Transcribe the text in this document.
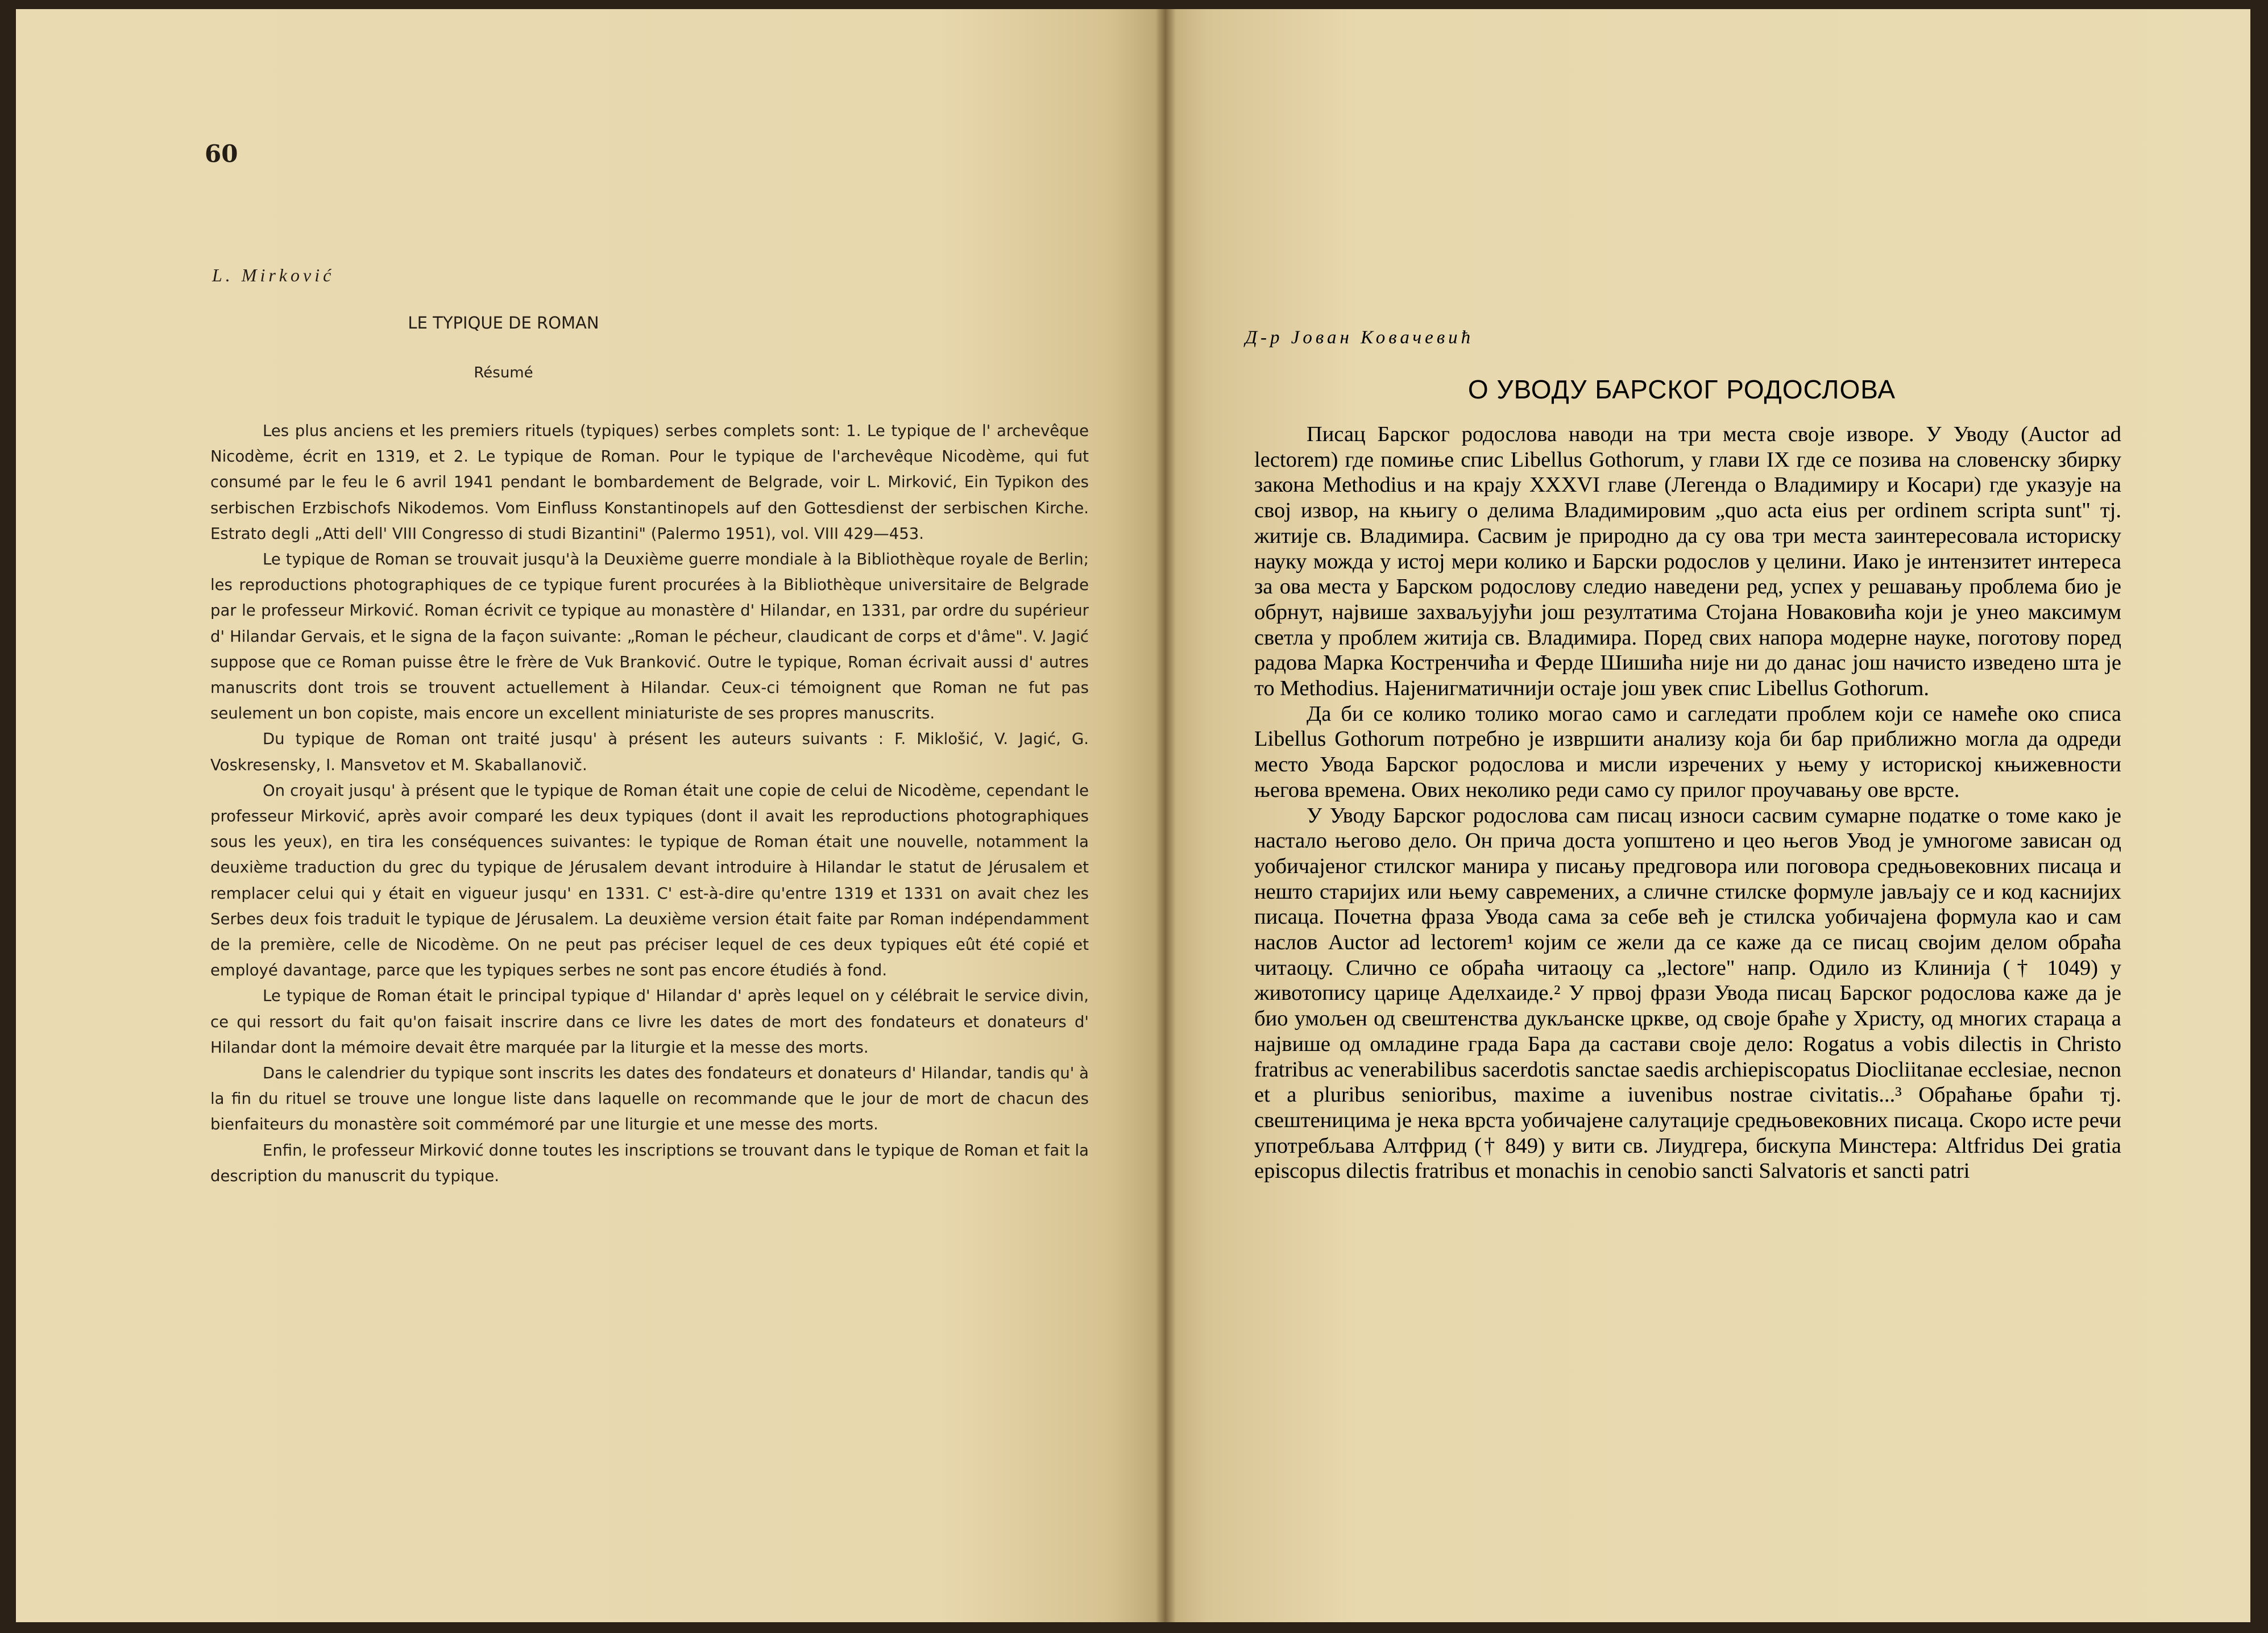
60
L. Mirković
LE TYPIQUE DE ROMAN
Résumé

Les plus anciens et les premiers rituels (typiques) serbes complets sont: 1. Le typique de l' archevêque Nicodème, écrit en 1319, et 2. Le typique de Roman. Pour le typique de l'archevêque Nicodème, qui fut consumé par le feu le 6 avril 1941 pendant le bombardement de Belgrade, voir L. Mirković, Ein Typikon des serbischen Erzbischofs Nikodemos. Vom Einfluss Konstantinopels auf den Gottesdienst der serbischen Kirche. Estrato degli „Atti dell' VIII Congresso di studi Bizantini" (Palermo 1951), vol. VIII 429—453.

Le typique de Roman se trouvait jusqu'à la Deuxième guerre mondiale à la Bibliothèque royale de Berlin; les reproductions photographiques de ce typique furent procurées à la Bibliothèque universitaire de Belgrade par le professeur Mirković. Roman écrivit ce typique au monastère d' Hilandar, en 1331, par ordre du supérieur d' Hilandar Gervais, et le signa de la façon suivante: „Roman le pécheur, claudicant de corps et d'âme". V. Jagić suppose que ce Roman puisse être le frère de Vuk Branković. Outre le typique, Roman écrivait aussi d' autres manuscrits dont trois se trouvent actuellement à Hilandar. Ceux-ci témoignent que Roman ne fut pas seulement un bon copiste, mais encore un excellent miniaturiste de ses propres manuscrits.

Du typique de Roman ont traité jusqu' à présent les auteurs suivants : F. Miklošić, V. Jagić, G. Voskresensky, I. Mansvetov et M. Skaballanovič.

On croyait jusqu' à présent que le typique de Roman était une copie de celui de Nicodème, cependant le professeur Mirković, après avoir comparé les deux typiques (dont il avait les reproductions photographiques sous les yeux), en tira les conséquences suivantes: le typique de Roman était une nouvelle, notamment la deuxième traduction du grec du typique de Jérusalem devant introduire à Hilandar le statut de Jérusalem et remplacer celui qui y était en vigueur jusqu' en 1331. C' est-à-dire qu'entre 1319 et 1331 on avait chez les Serbes deux fois traduit le typique de Jérusalem. La deuxième version était faite par Roman indépendamment de la première, celle de Nicodème. On ne peut pas préciser lequel de ces deux typiques eût été copié et employé davantage, parce que les typiques serbes ne sont pas encore étudiés à fond.

Le typique de Roman était le principal typique d' Hilandar d' après lequel on y célébrait le service divin, ce qui ressort du fait qu'on faisait inscrire dans ce livre les dates de mort des fondateurs et donateurs d' Hilandar dont la mémoire devait être marquée par la liturgie et la messe des morts.

Dans le calendrier du typique sont inscrits les dates des fondateurs et donateurs d' Hilandar, tandis qu' à la fin du rituel se trouve une longue liste dans laquelle on recommande que le jour de mort de chacun des bienfaiteurs du monastère soit commémoré par une liturgie et une messe des morts.

Enfin, le professeur Mirković donne toutes les inscriptions se trouvant dans le typique de Roman et fait la description du manuscrit du typique.

Д-р Јован Ковачевић
О УВОДУ БАРСКОГ РОДОСЛОВА

Писац Барског родослова наводи на три места своје изворе. У Уводу (Auctor ad lectorem) где помиње спис Libellus Gothorum, у глави IX где се позива на словенску збирку закона Methodius и на крају XXXVI главе (Легенда о Владимиру и Косари) где указује на свој извор, на књигу о делима Владимировим „quo acta eius per ordinem scripta sunt" тј. житије св. Владимира. Сасвим је природно да су ова три места заинтересовала историску науку можда у истој мери колико и Барски родослов у целини. Иако је интензитет интереса за ова места у Барском родослову следио наведени ред, успех у решавању проблема био је обрнут, највише захваљујући још резултатима Стојана Новаковића који је унео максимум светла у проблем житија св. Владимира. Поред свих напора модерне науке, поготову поред радова Марка Костренчића и Ферде Шишића није ни до данас још начисто изведено шта је то Methodius. Најенигматичнији остаје још увек спис Libellus Gothorum.

Да би се колико толико могао само и сагледати проблем који се намеће око списа Libellus Gothorum потребно је извршити анализу која би бар приближно могла да одреди место Увода Барског родослова и мисли изречених у њему у историској књижевности његова времена. Овиx неколико реди само су прилог проучавању ове врсте.

У Уводу Барског родослова сам писац износи сасвим сумарне податке о томе како је настало његово дело. Он прича доста уопштено и цео његов Увод је умногоме зависан од уобичајеног стилског манира у писању предговора или поговора средњовековних писаца и нешто старијих или њему савремених, а сличне стилске формуле јављају се и код каснијих писаца. Почетна фраза Увода сама за себе већ је стилска уобичајена формула као и сам наслов Auctor ad lectorem¹ којим се жели да се каже да се писац својим делом обраћа читаоцу. Слично се обраћа читаоцу са „lectore" напр. Одило из Клинија († 1049) у животопису царице Аделхаиде.² У првој фрази Увода писац Барског родослова каже да је био умољен од свештенства дукљанске цркве, од своје браће у Христу, од многих стараца а највише од омладине града Бара да састави своје дело: Rogatus a vobis dilectis in Christo fratribus ac venerabilibus sacerdotis sanctae saedis archiepiscopatus Diocliitanae ecclesiae, necnon et a pluribus senioribus, maxime a iuvenibus nostrae civitatis...³ Обраћање браћи тј. свештеницима је нека врста уобичајене салутације средњовековних писаца. Скоро исте речи употребљава Алтфрид († 849) у вити св. Лиудгера, бискупа Минстера: Altfridus Dei gratia episcopus dilectis fratribus et monachis in cenobio sancti Salvatoris et sancti patri
